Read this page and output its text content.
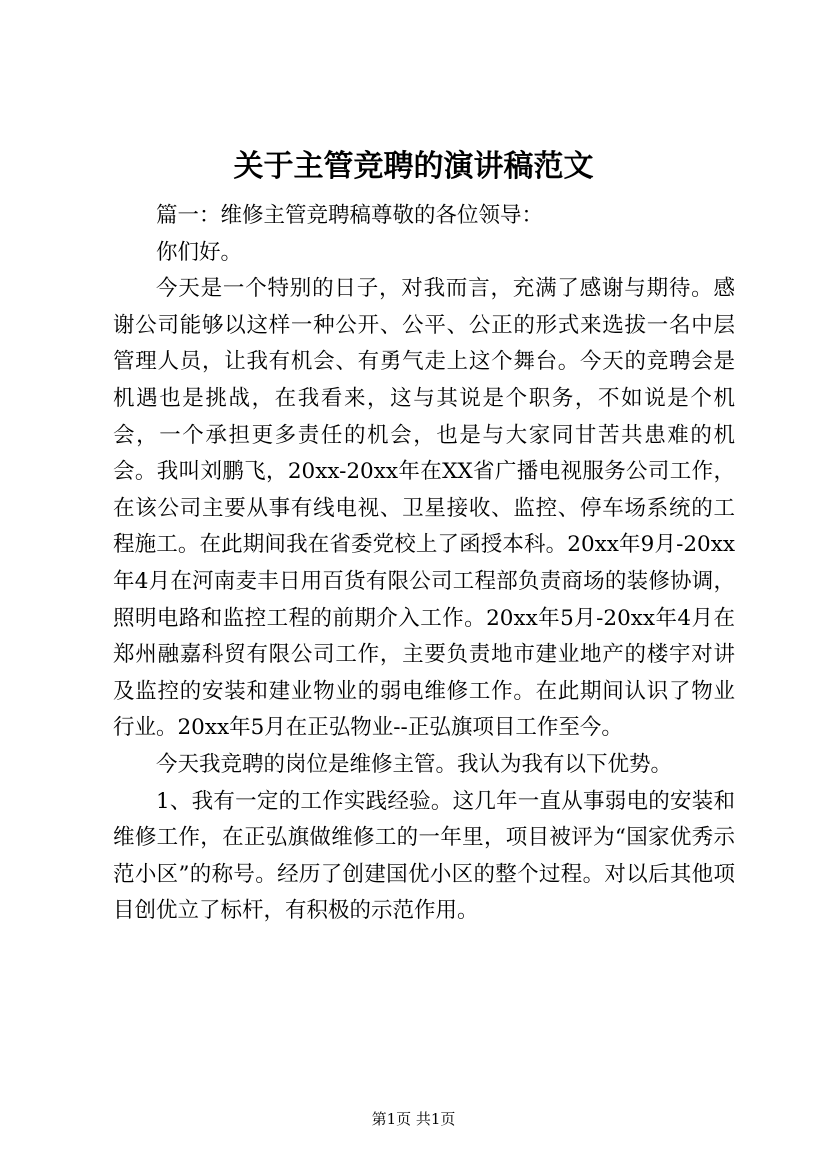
关于主管竞聘的演讲稿范文

篇一：维修主管竞聘稿尊敬的各位领导：

你们好。

今天是一个特别的日子，对我而言，充满了感谢与期待。感谢公司能够以这样一种公开、公平、公正的形式来选拔一名中层管理人员，让我有机会、有勇气走上这个舞台。今天的竞聘会是机遇也是挑战，在我看来，这与其说是个职务，不如说是个机会，一个承担更多责任的机会，也是与大家同甘苦共患难的机会。我叫刘鹏飞，20xx-20xx年在XX省广播电视服务公司工作，在该公司主要从事有线电视、卫星接收、监控、停车场系统的工程施工。在此期间我在省委党校上了函授本科。20xx年9月-20xx年4月在河南麦丰日用百货有限公司工程部负责商场的装修协调，照明电路和监控工程的前期介入工作。20xx年5月-20xx年4月在郑州融嘉科贸有限公司工作，主要负责地市建业地产的楼宇对讲及监控的安装和建业物业的弱电维修工作。在此期间认识了物业行业。20xx年5月在正弘物业--正弘旗项目工作至今。

今天我竞聘的岗位是维修主管。我认为我有以下优势。

1、我有一定的工作实践经验。这几年一直从事弱电的安装和维修工作，在正弘旗做维修工的一年里，项目被评为“国家优秀示范小区”的称号。经历了创建国优小区的整个过程。对以后其他项目创优立了标杆，有积极的示范作用。

第1页 共1页
